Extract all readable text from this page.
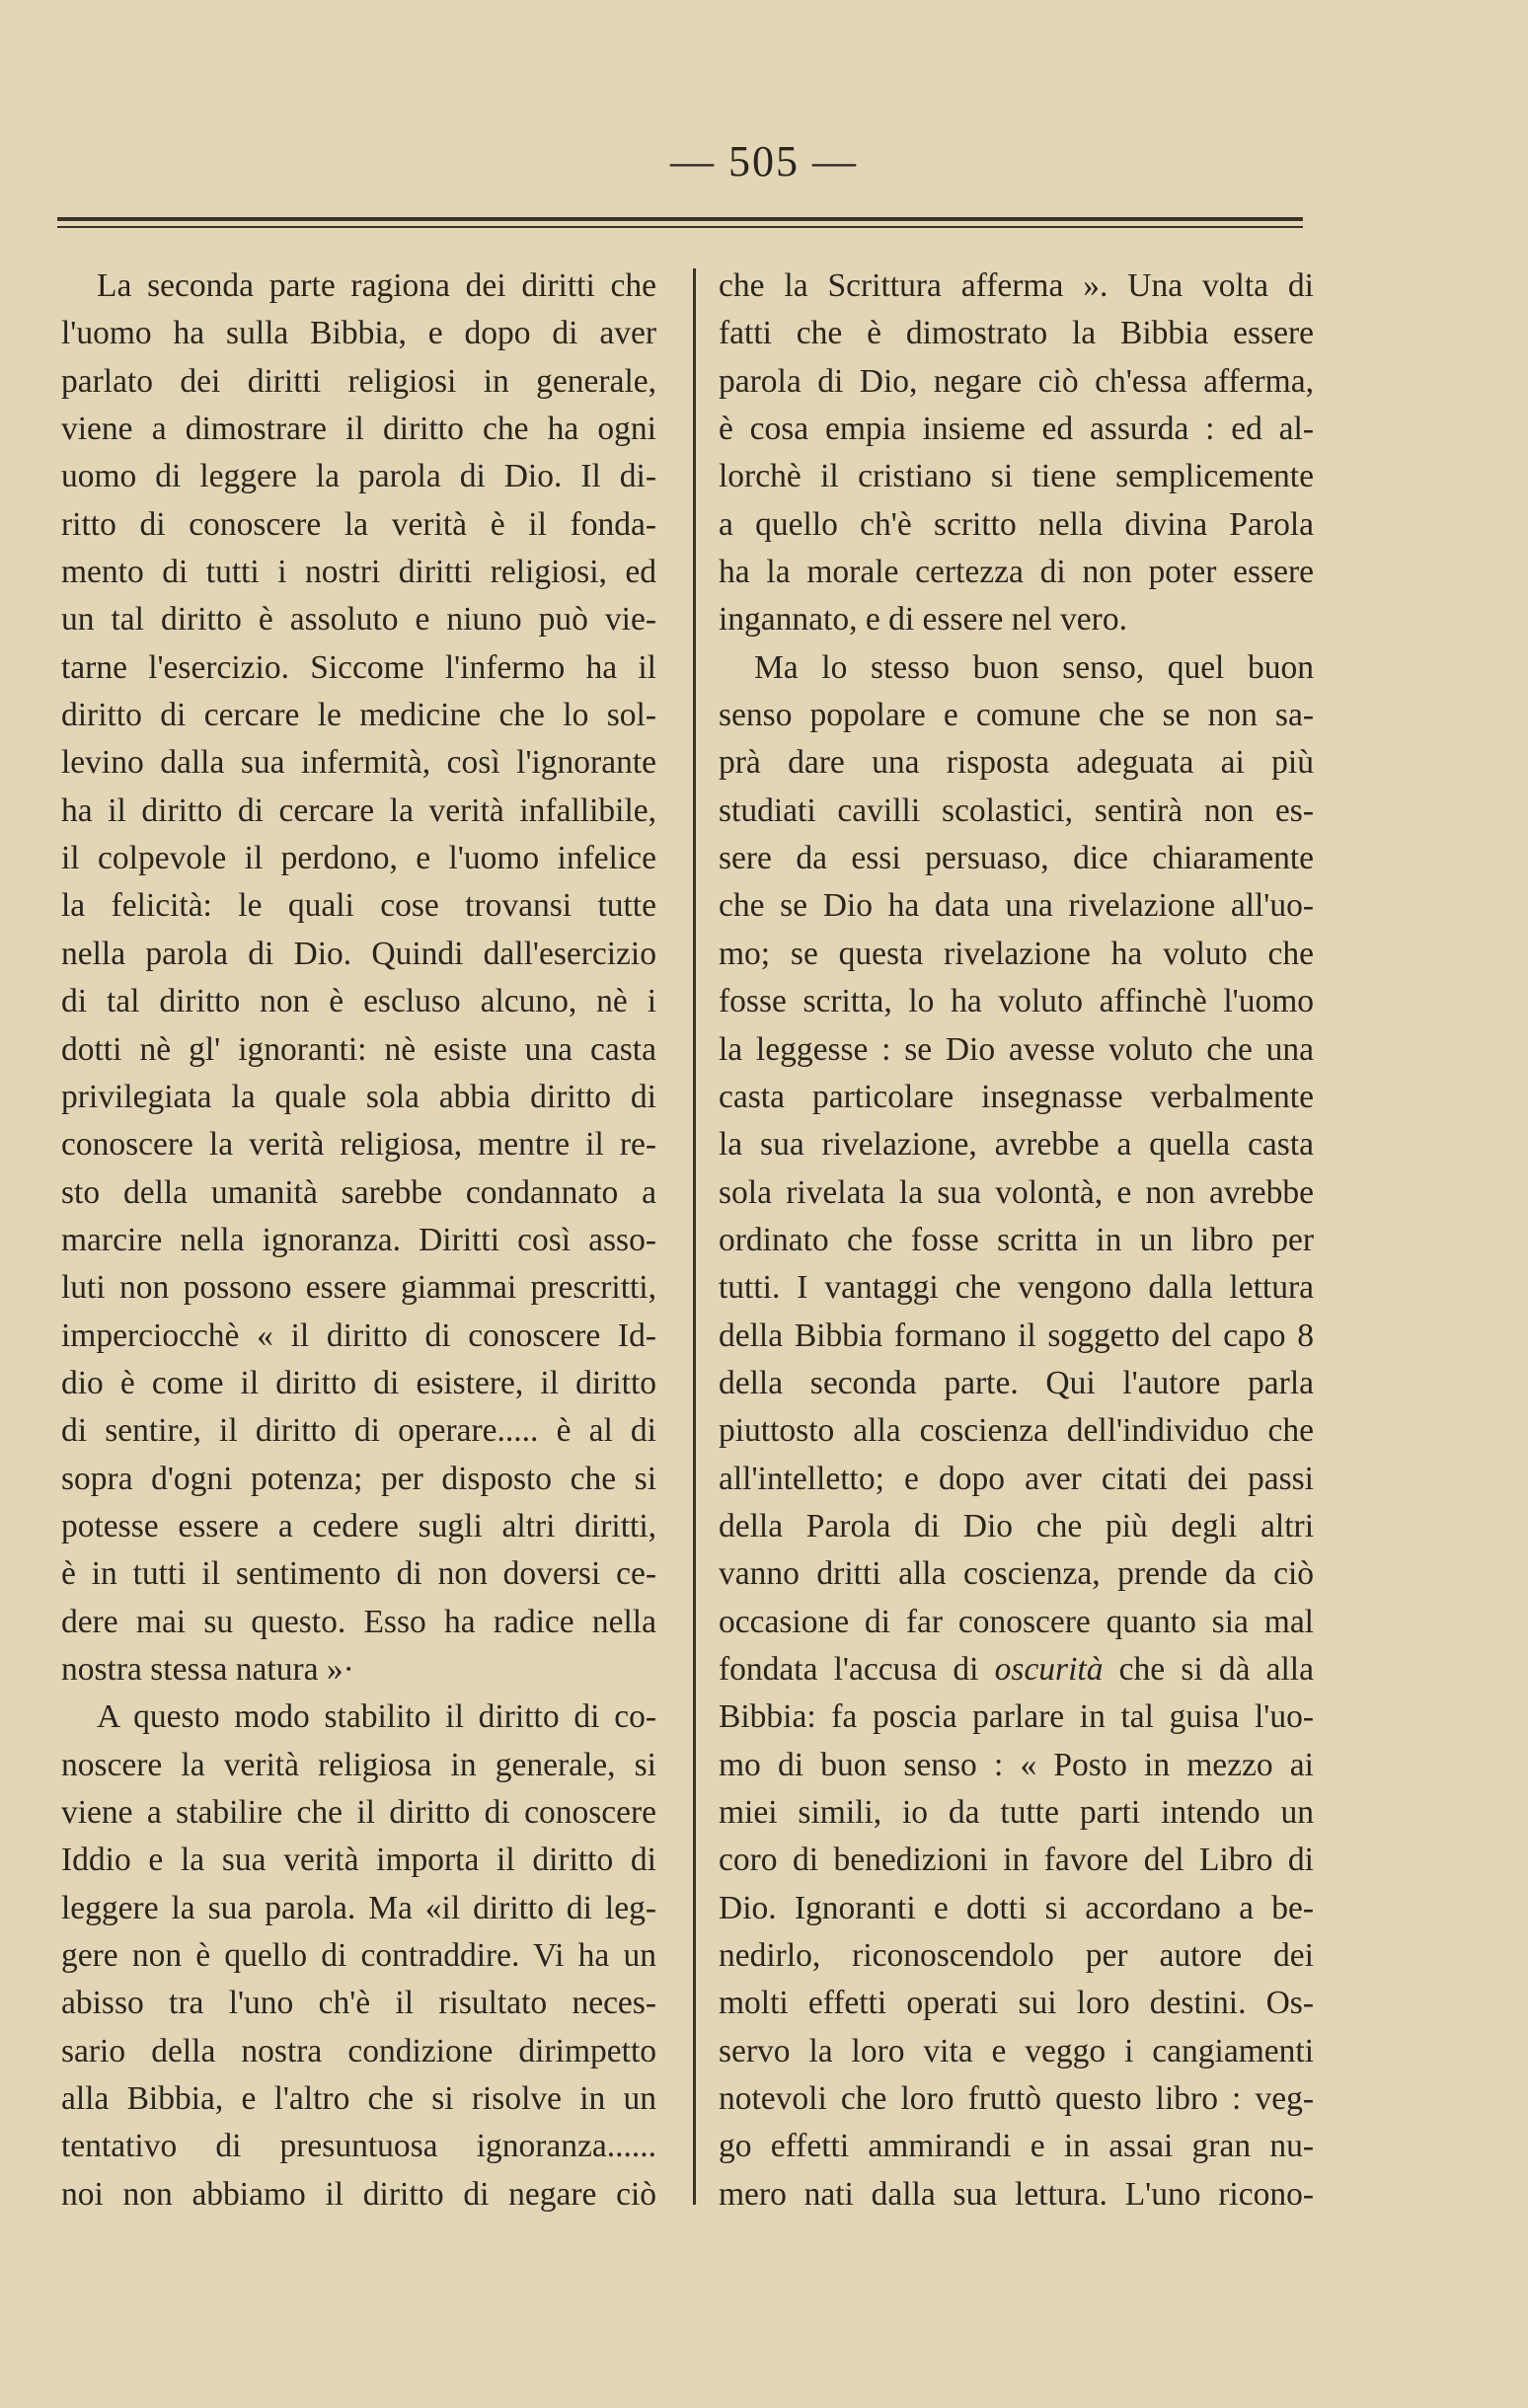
— 505 —
La seconda parte ragiona dei diritti che
l'uomo ha sulla Bibbia, e dopo di aver
parlato dei diritti religiosi in generale,
viene a dimostrare il diritto che ha ogni
uomo di leggere la parola di Dio. Il di-
ritto di conoscere la verità è il fonda-
mento di tutti i nostri diritti religiosi, ed
un tal diritto è assoluto e niuno può vie-
tarne l'esercizio. Siccome l'infermo ha il
diritto di cercare le medicine che lo sol-
levino dalla sua infermità, così l'ignorante
ha il diritto di cercare la verità infallibile,
il colpevole il perdono, e l'uomo infelice
la felicità: le quali cose trovansi tutte
nella parola di Dio. Quindi dall'esercizio
di tal diritto non è escluso alcuno, nè i
dotti nè gl' ignoranti: nè esiste una casta
privilegiata la quale sola abbia diritto di
conoscere la verità religiosa, mentre il re-
sto della umanità sarebbe condannato a
marcire nella ignoranza. Diritti così asso-
luti non possono essere giammai prescritti,
imperciocchè « il diritto di conoscere Id-
dio è come il diritto di esistere, il diritto
di sentire, il diritto di operare..... è al di
sopra d'ogni potenza; per disposto che si
potesse essere a cedere sugli altri diritti,
è in tutti il sentimento di non doversi ce-
dere mai su questo. Esso ha radice nella
nostra stessa natura »·
A questo modo stabilito il diritto di co-
noscere la verità religiosa in generale, si
viene a stabilire che il diritto di conoscere
Iddio e la sua verità importa il diritto di
leggere la sua parola. Ma «il diritto di leg-
gere non è quello di contraddire. Vi ha un
abisso tra l'uno ch'è il risultato neces-
sario della nostra condizione dirimpetto
alla Bibbia, e l'altro che si risolve in un
tentativo di presuntuosa ignoranza......
noi non abbiamo il diritto di negare ciò
che la Scrittura afferma ». Una volta di
fatti che è dimostrato la Bibbia essere
parola di Dio, negare ciò ch'essa afferma,
è cosa empia insieme ed assurda : ed al-
lorchè il cristiano si tiene semplicemente
a quello ch'è scritto nella divina Parola
ha la morale certezza di non poter essere
ingannato, e di essere nel vero.
Ma lo stesso buon senso, quel buon
senso popolare e comune che se non sa-
prà dare una risposta adeguata ai più
studiati cavilli scolastici, sentirà non es-
sere da essi persuaso, dice chiaramente
che se Dio ha data una rivelazione all'uo-
mo; se questa rivelazione ha voluto che
fosse scritta, lo ha voluto affinchè l'uomo
la leggesse : se Dio avesse voluto che una
casta particolare insegnasse verbalmente
la sua rivelazione, avrebbe a quella casta
sola rivelata la sua volontà, e non avrebbe
ordinato che fosse scritta in un libro per
tutti. I vantaggi che vengono dalla lettura
della Bibbia formano il soggetto del capo 8
della seconda parte. Qui l'autore parla
piuttosto alla coscienza dell'individuo che
all'intelletto; e dopo aver citati dei passi
della Parola di Dio che più degli altri
vanno dritti alla coscienza, prende da ciò
occasione di far conoscere quanto sia mal
fondata l'accusa di oscurità che si dà alla
Bibbia: fa poscia parlare in tal guisa l'uo-
mo di buon senso : « Posto in mezzo ai
miei simili, io da tutte parti intendo un
coro di benedizioni in favore del Libro di
Dio. Ignoranti e dotti si accordano a be-
nedirlo, riconoscendolo per autore dei
molti effetti operati sui loro destini. Os-
servo la loro vita e veggo i cangiamenti
notevoli che loro fruttò questo libro : veg-
go effetti ammirandi e in assai gran nu-
mero nati dalla sua lettura. L'uno ricono-
